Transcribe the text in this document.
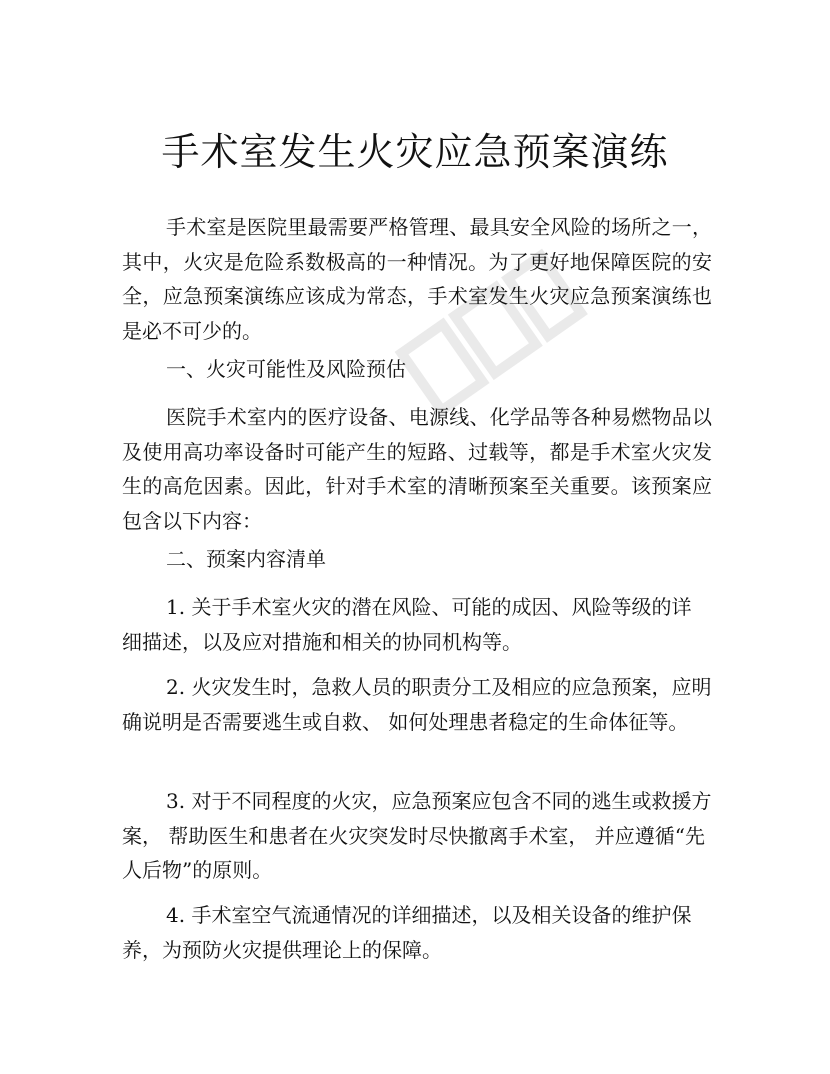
手术室发生火灾应急预案演练

手术室是医院里最需要严格管理、最具安全风险的场所之一，其中，火灾是危险系数极高的一种情况。为了更好地保障医院的安全，应急预案演练应该成为常态，手术室发生火灾应急预案演练也是必不可少的。

一、火灾可能性及风险预估

医院手术室内的医疗设备、电源线、化学品等各种易燃物品以及使用高功率设备时可能产生的短路、过载等，都是手术室火灾发生的高危因素。因此，针对手术室的清晰预案至关重要。该预案应包含以下内容：

二、预案内容清单

1. 关于手术室火灾的潜在风险、可能的成因、风险等级的详细描述，以及应对措施和相关的协同机构等。

2. 火灾发生时，急救人员的职责分工及相应的应急预案，应明确说明是否需要逃生或自救、 如何处理患者稳定的生命体征等。

3. 对于不同程度的火灾，应急预案应包含不同的逃生或救援方案， 帮助医生和患者在火灾突发时尽快撤离手术室， 并应遵循“先人后物”的原则。

4. 手术室空气流通情况的详细描述，以及相关设备的维护保养，为预防火灾提供理论上的保障。
